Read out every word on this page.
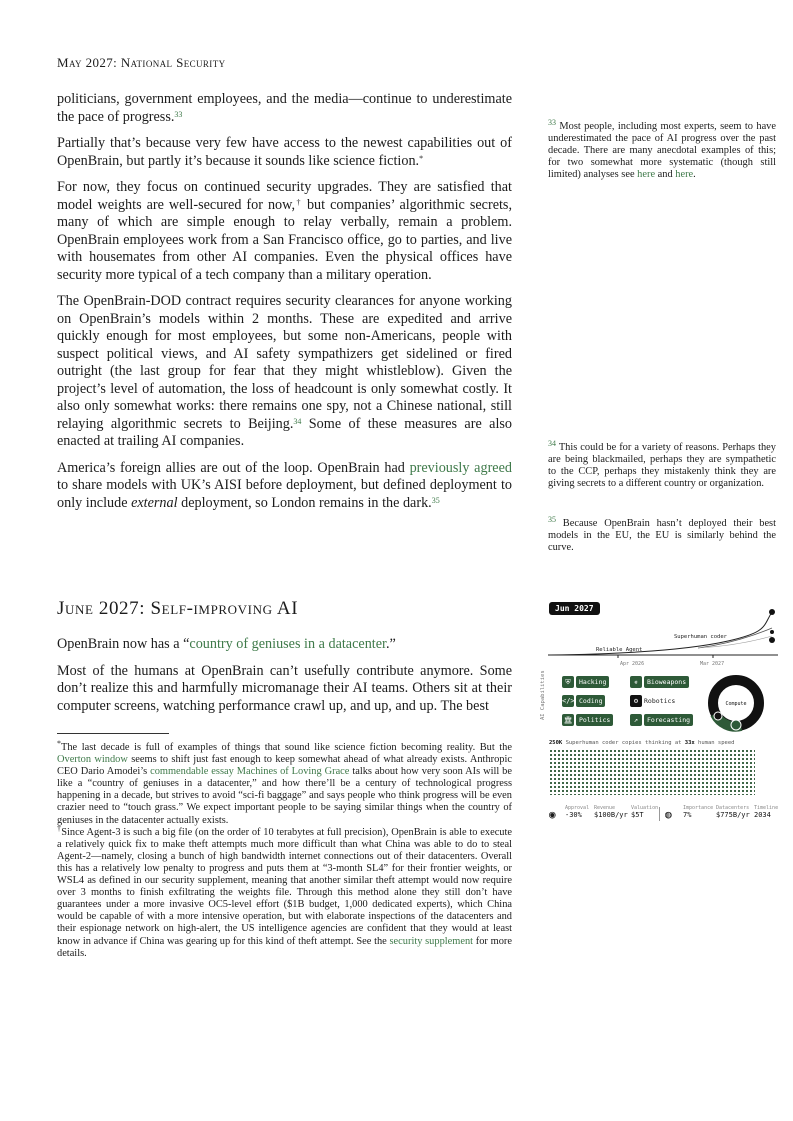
May 2027: National Security

politicians, government employees, and the media—continue to underestimate the pace of progress.$^{33}$

Partially that’s because very few have access to the newest capabilities out of OpenBrain, but partly it’s because it sounds like science fiction.*

For now, they focus on continued security upgrades. They are satisfied that model weights are well-secured for now,† but companies’ algorithmic secrets, many of which are simple enough to relay verbally, remain a problem. OpenBrain employees work from a San Francisco office, go to parties, and live with housemates from other AI companies. Even the physical offices have security more typical of a tech company than a military operation.

The OpenBrain-DOD contract requires security clearances for anyone working on OpenBrain’s models within 2 months. These are expedited and arrive quickly enough for most employees, but some non-Americans, people with suspect political views, and AI safety sympathizers get sidelined or fired outright (the last group for fear that they might whistleblow). Given the project’s level of automation, the loss of headcount is only somewhat costly. It also only somewhat works: there remains one spy, not a Chinese national, still relaying algorithmic secrets to Beijing.$^{34}$ Some of these measures are also enacted at trailing AI companies.

America’s foreign allies are out of the loop. OpenBrain had previously agreed to share models with UK’s AISI before deployment, but defined deployment to only include external deployment, so London remains in the dark.$^{35}$

$^{33}$ Most people, including most experts, seem to have underestimated the pace of AI progress over the past decade. There are many anecdotal examples of this; for two somewhat more systematic (though still limited) analyses see here and here.

$^{34}$ This could be for a variety of reasons. Perhaps they are being blackmailed, perhaps they are sympathetic to the CCP, perhaps they mistakenly think they are giving secrets to a different country or organization.

$^{35}$ Because OpenBrain hasn’t deployed their best models in the EU, the EU is similarly behind the curve.

June 2027: Self-improving AI

OpenBrain now has a “country of geniuses in a datacenter.”

Most of the humans at OpenBrain can’t usefully contribute anymore. Some don’t realize this and harmfully micromanage their AI teams. Others sit at their computer screens, watching performance crawl up, and up, and up. The best

*The last decade is full of examples of things that sound like science fiction becoming reality. But the Overton window seems to shift just fast enough to keep somewhat ahead of what already exists. Anthropic CEO Dario Amodei’s commendable essay Machines of Loving Grace talks about how very soon AIs will be like a “country of geniuses in a datacenter,” and how there’ll be a century of technological progress happening in a decade, but strives to avoid “sci-fi baggage” and says people who think progress will be even crazier need to “touch grass.” We expect important people to be saying similar things when the country of geniuses in the datacenter actually exists.

†Since Agent-3 is such a big file (on the order of 10 terabytes at full precision), OpenBrain is able to execute a relatively quick fix to make theft attempts much more difficult than what China was able to do to steal Agent-2—namely, closing a bunch of high bandwidth internet connections out of their datacenters. Overall this has a relatively low penalty to progress and puts them at “3-month SL4” for their frontier weights, or WSL4 as defined in our security supplement, meaning that another similar theft attempt would now require over 3 months to finish exfiltrating the weights file. Through this method alone they still don’t have guarantees under a more invasive OC5-level effort ($1B budget, 1,000 dedicated experts), which China would be capable of with a more intensive operation, but with elaborate inspections of the datacenters and their espionage network on high-alert, the US intelligence agencies are confident that they would at least know in advance if China was gearing up for this kind of theft attempt. See the security supplement for more details.

Jun 2027
Superhuman coder
Reliable Agent
Apr 2026	Mar 2027
AI Capabilities	⛨ Hacking	☣ Bioweapons
</> Coding	⚙ Robotics
🏛 Politics	↗ Forecasting
Compute
250K Superhuman coder copies thinking at 33x human speed
◉ Approval
-30%
Revenue
$100B/yr
Valuation
$5T	◍ Importance
7%
Datacenters
$775B/yr
Timeline
2034
